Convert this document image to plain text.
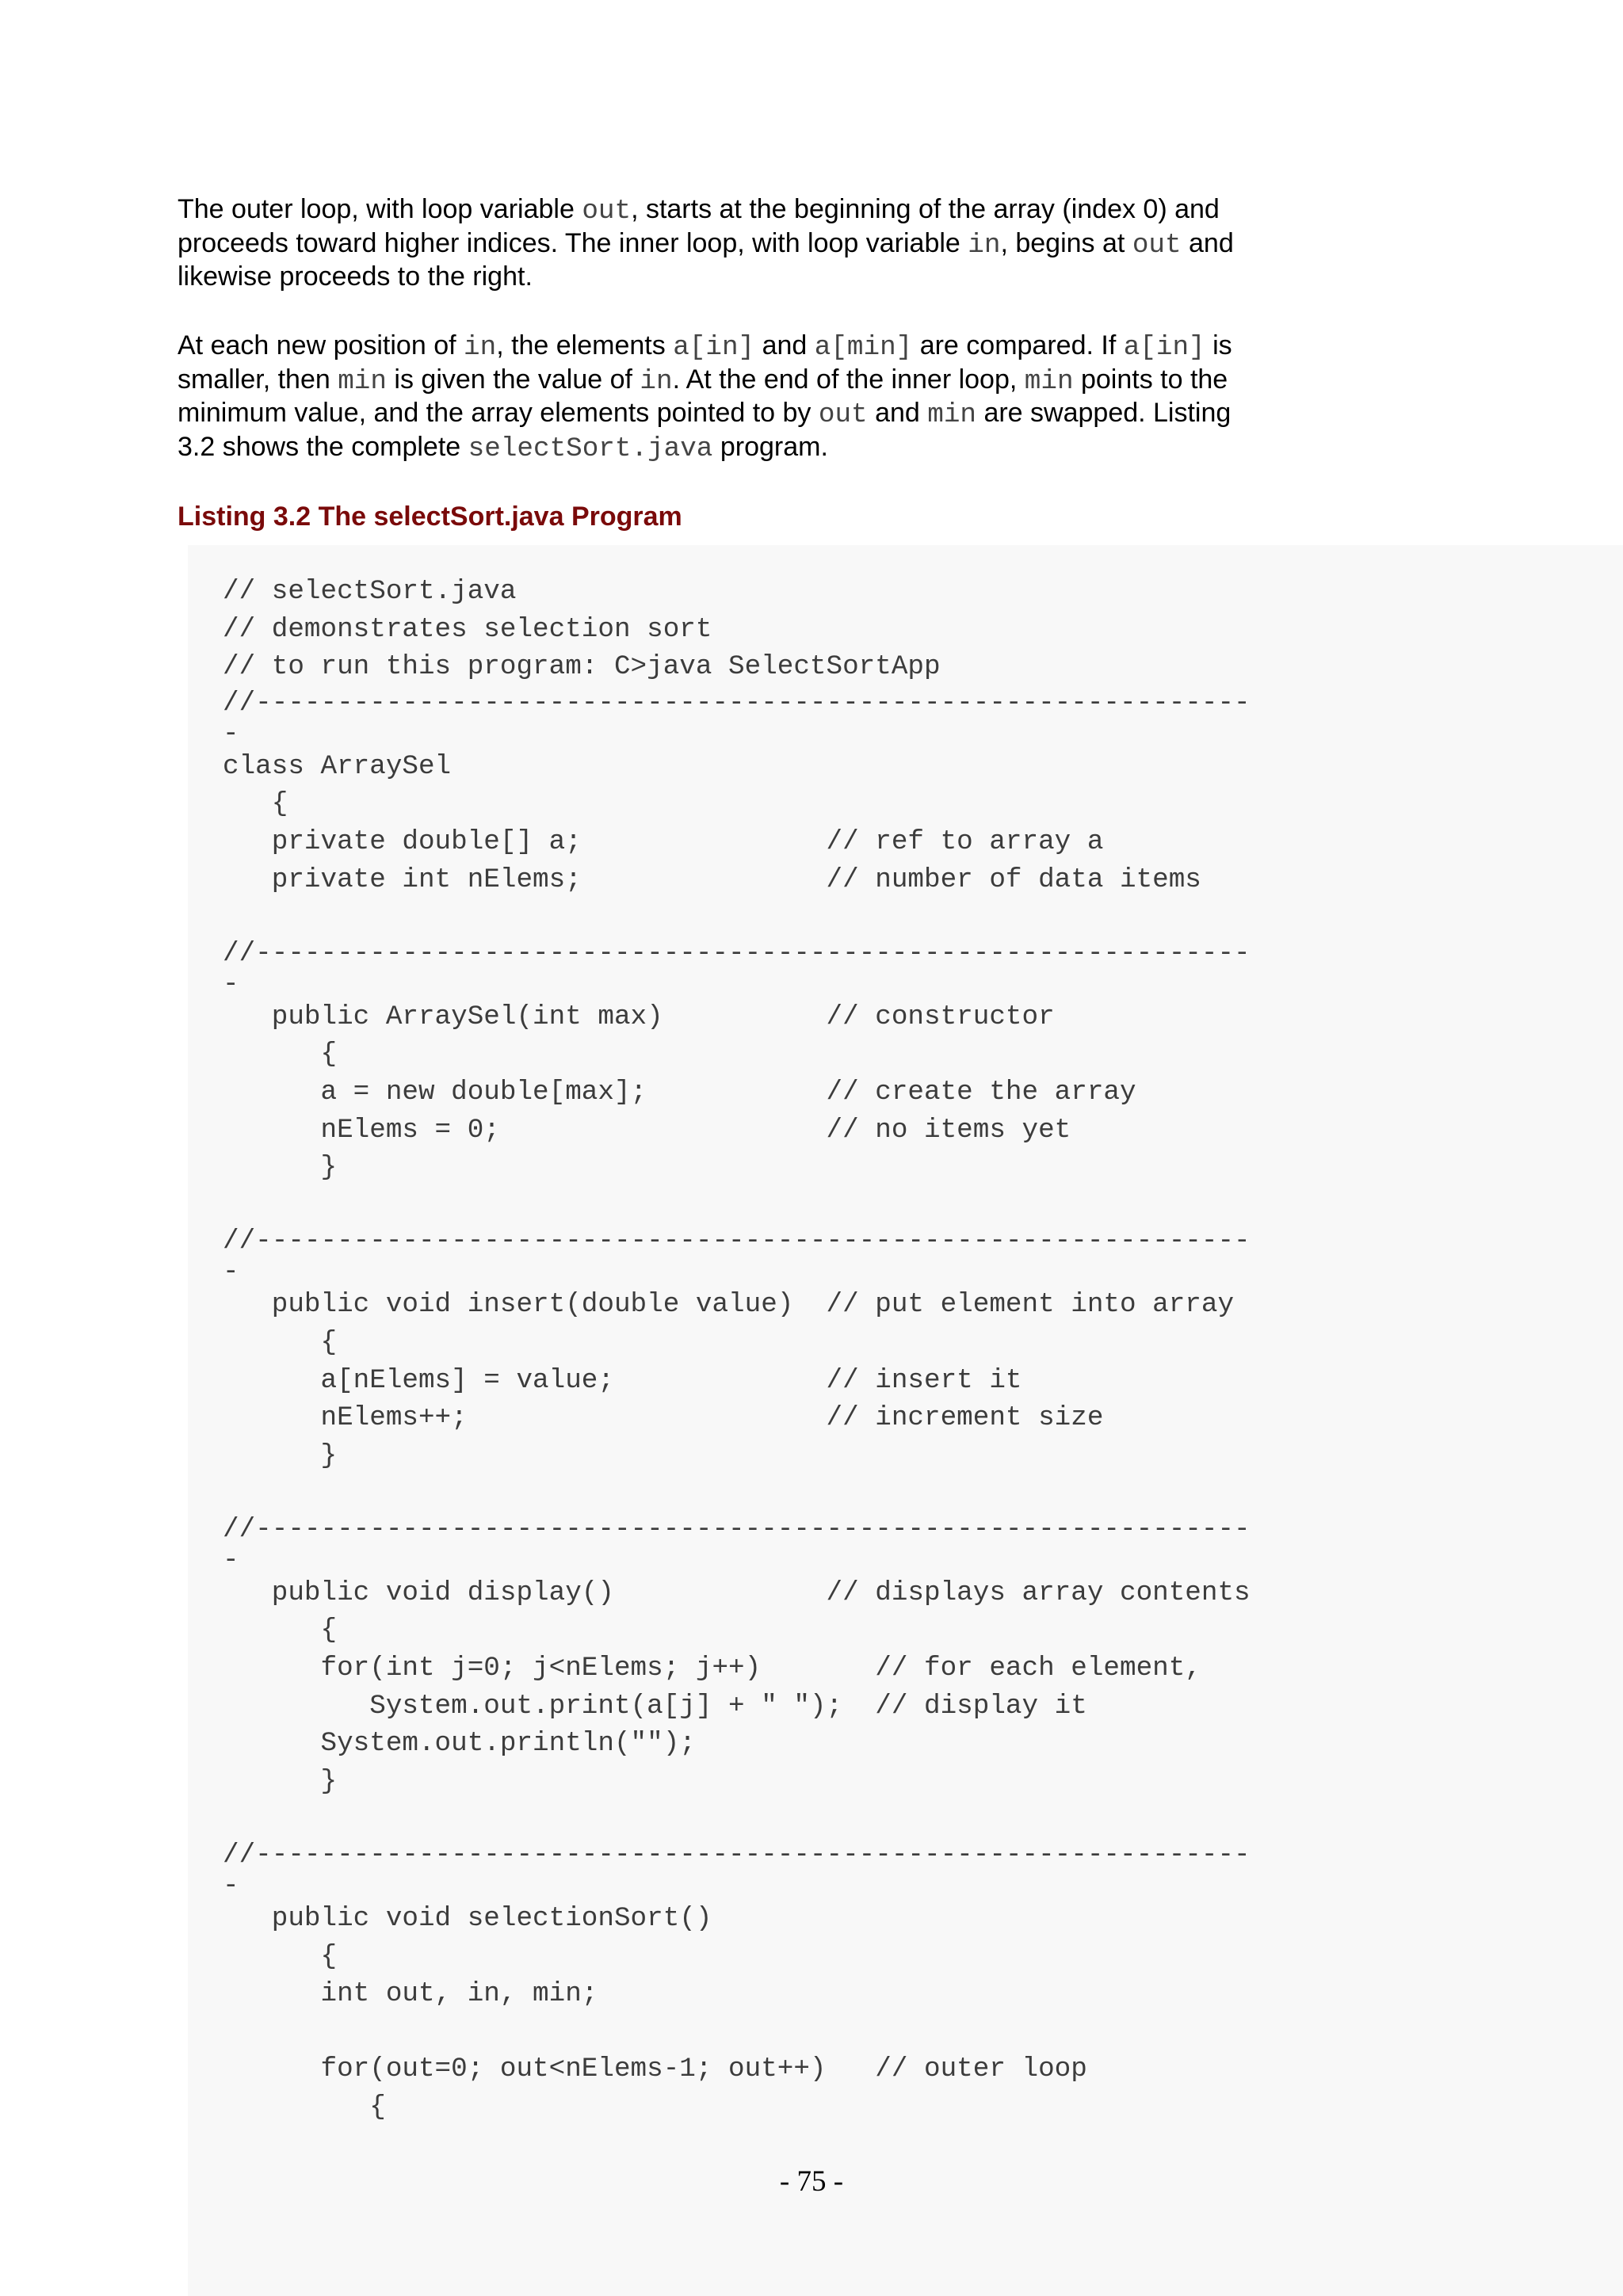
The outer loop, with loop variable out, starts at the beginning of the array (index 0) and
proceeds toward higher indices. The inner loop, with loop variable in, begins at out and
likewise proceeds to the right.
At each new position of in, the elements a[in] and a[min] are compared. If a[in] is
smaller, then min is given the value of in. At the end of the inner loop, min points to the
minimum value, and the array elements pointed to by out and min are swapped. Listing
3.2 shows the complete selectSort.java program.
Listing 3.2 The selectSort.java Program
// selectSort.java
// demonstrates selection sort
// to run this program: C>java SelectSortApp
//-------------------------------------------------------------
-
class ArraySel
{
private double[] a;               // ref to array a
private int nElems;               // number of data items
//-------------------------------------------------------------
-
public ArraySel(int max)          // constructor
{
a = new double[max];           // create the array
nElems = 0;                    // no items yet
}
//-------------------------------------------------------------
-
public void insert(double value)  // put element into array
{
a[nElems] = value;             // insert it
nElems++;                      // increment size
}
//-------------------------------------------------------------
-
public void display()             // displays array contents
{
for(int j=0; j<nElems; j++)       // for each element,
System.out.print(a[j] + " ");  // display it
System.out.println("");
}
//-------------------------------------------------------------
-
public void selectionSort()
{
int out, in, min;
for(out=0; out<nElems-1; out++)   // outer loop
{
- 75 -
